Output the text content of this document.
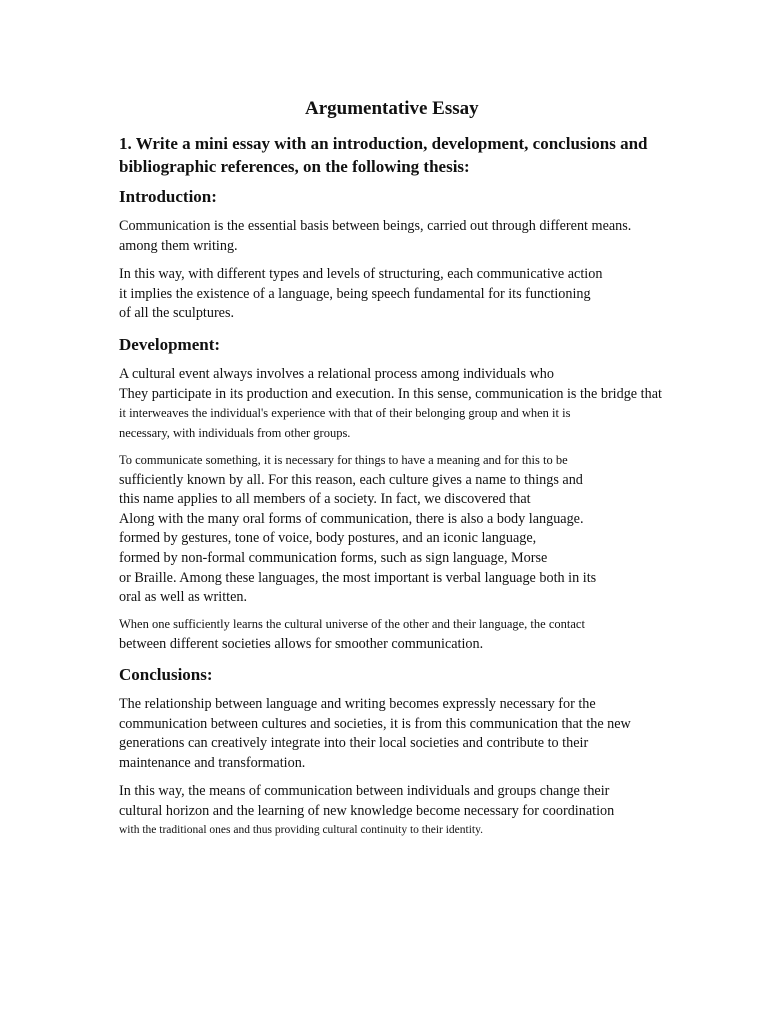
Argumentative Essay
1. Write a mini essay with an introduction, development, conclusions and
bibliographic references, on the following thesis:
Introduction:
Communication is the essential basis between beings, carried out through different means.
among them writing.
In this way, with different types and levels of structuring, each communicative action
it implies the existence of a language, being speech fundamental for its functioning
of all the sculptures.
Development:
A cultural event always involves a relational process among individuals who
They participate in its production and execution. In this sense, communication is the bridge that
it interweaves the individual's experience with that of their belonging group and when it is
necessary, with individuals from other groups.
To communicate something, it is necessary for things to have a meaning and for this to be
sufficiently known by all. For this reason, each culture gives a name to things and
this name applies to all members of a society. In fact, we discovered that
Along with the many oral forms of communication, there is also a body language.
formed by gestures, tone of voice, body postures, and an iconic language,
formed by non-formal communication forms, such as sign language, Morse
or Braille. Among these languages, the most important is verbal language both in its
oral as well as written.
When one sufficiently learns the cultural universe of the other and their language, the contact
between different societies allows for smoother communication.
Conclusions:
The relationship between language and writing becomes expressly necessary for the
communication between cultures and societies, it is from this communication that the new
generations can creatively integrate into their local societies and contribute to their
maintenance and transformation.
In this way, the means of communication between individuals and groups change their
cultural horizon and the learning of new knowledge become necessary for coordination
with the traditional ones and thus providing cultural continuity to their identity.
